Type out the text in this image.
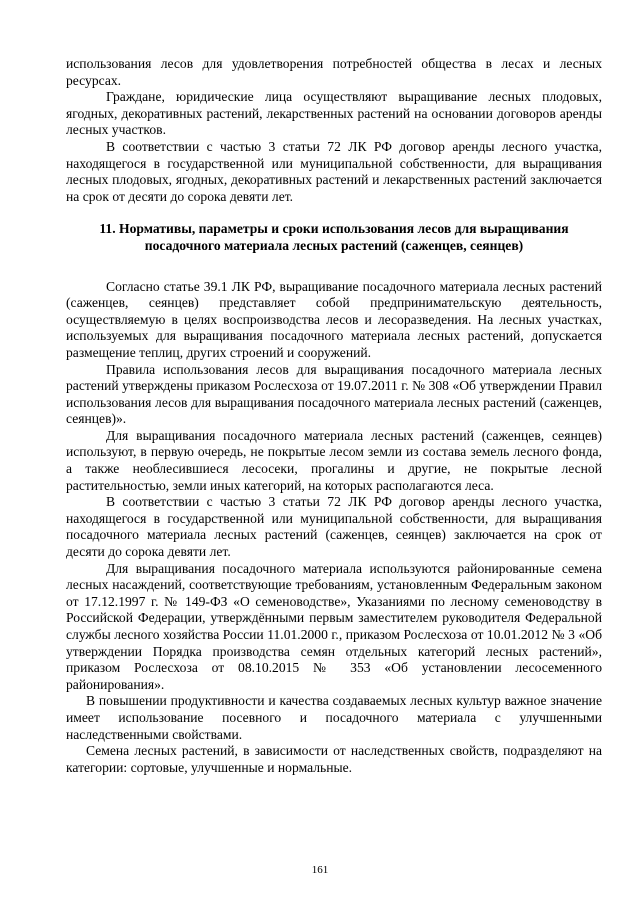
использования лесов для удовлетворения потребностей общества в лесах и лесных ресурсах.

Граждане, юридические лица осуществляют выращивание лесных плодовых, ягодных, декоративных растений, лекарственных растений на основании договоров аренды лесных участков.

В соответствии с частью 3 статьи 72 ЛК РФ договор аренды лесного участка, находящегося в государственной или муниципальной собственности, для выращивания лесных плодовых, ягодных, декоративных растений и лекарственных растений заключается на срок от десяти до сорока девяти лет.

11. Нормативы, параметры и сроки использования лесов для выращивания посадочного материала лесных растений (саженцев, сеянцев)

Согласно статье 39.1 ЛК РФ, выращивание посадочного материала лесных растений (саженцев, сеянцев) представляет собой предпринимательскую деятельность, осуществляемую в целях воспроизводства лесов и лесоразведения. На лесных участках, используемых для выращивания посадочного материала лесных растений, допускается размещение теплиц, других строений и сооружений.

Правила использования лесов для выращивания посадочного материала лесных растений утверждены приказом Рослесхоза от 19.07.2011 г. № 308 «Об утверждении Правил использования лесов для выращивания посадочного материала лесных растений (саженцев, сеянцев)».

Для выращивания посадочного материала лесных растений (саженцев, сеянцев) используют, в первую очередь, не покрытые лесом земли из состава земель лесного фонда, а также необлесившиеся лесосеки, прогалины и другие, не покрытые лесной растительностью, земли иных категорий, на которых располагаются леса.

В соответствии с частью 3 статьи 72 ЛК РФ договор аренды лесного участка, находящегося в государственной или муниципальной собственности, для выращивания посадочного материала лесных растений (саженцев, сеянцев) заключается на срок от десяти до сорока девяти лет.

Для выращивания посадочного материала используются районированные семена лесных насаждений, соответствующие требованиям, установленным Федеральным законом от 17.12.1997 г. № 149-ФЗ «О семеноводстве», Указаниями по лесному семеноводству в Российской Федерации, утверждёнными первым заместителем руководителя Федеральной службы лесного хозяйства России 11.01.2000 г., приказом Рослесхоза от 10.01.2012 № 3 «Об утверждении Порядка производства семян отдельных категорий лесных растений», приказом Рослесхоза от 08.10.2015 № 353 «Об установлении лесосеменного районирования».

В повышении продуктивности и качества создаваемых лесных культур важное значение имеет использование посевного и посадочного материала с улучшенными наследственными свойствами.

Семена лесных растений, в зависимости от наследственных свойств, подразделяют на категории: сортовые, улучшенные и нормальные.

161
